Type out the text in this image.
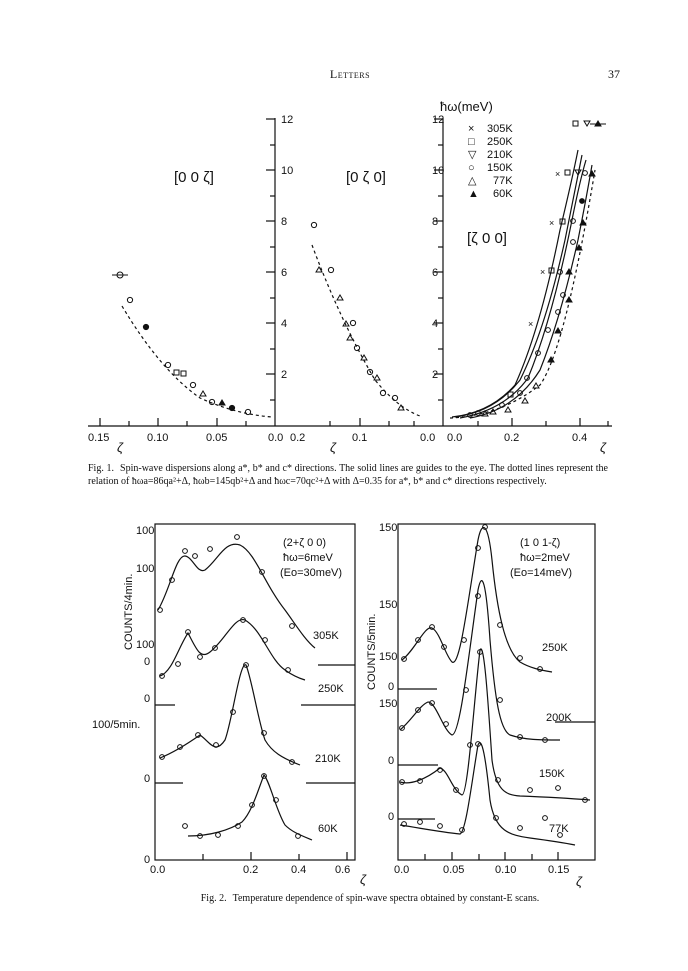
Letters	37
×
×
×
×
ħω(meV)
[0 0 ζ]	[0 ζ 0]
[ζ 0 0]
2
4
6
8
10
12
2
4
6
8
10
12
0.15	0.10	0.05	0.0 0.2	0.1	0.0 0.0	0.2	0.4
ζ	ζ	ζ
× 305K
□ 250K
▽ 210K
○ 150K
△ 77K
▲ 60K
(2+ζ 0 0)
ħω=6meV
(Eo=30meV)
305K
250K
210K
60K
100
100
100
0
0
0
0
100/5min.
COUNTS/4min.
0.0	0.2	0.4	0.6
ζ
(1 0 1-ζ)
ħω=2meV
(Eo=14meV)
250K
200K
150K
77K
150
150
150
150
0
0
0
COUNTS/5min.
0.0	0.05	0.10	0.15
ζ
Fig. 1. Spin-wave dispersions along a*, b* and c* directions. The solid lines are guides to the eye. The dotted lines represent the relation of ħωa=86qa²+Δ, ħωb=145qb²+Δ and ħωc=70qc²+Δ with Δ=0.35 for a*, b* and c* directions respectively.
Fig. 2. Temperature dependence of spin-wave spectra obtained by constant-E scans.
